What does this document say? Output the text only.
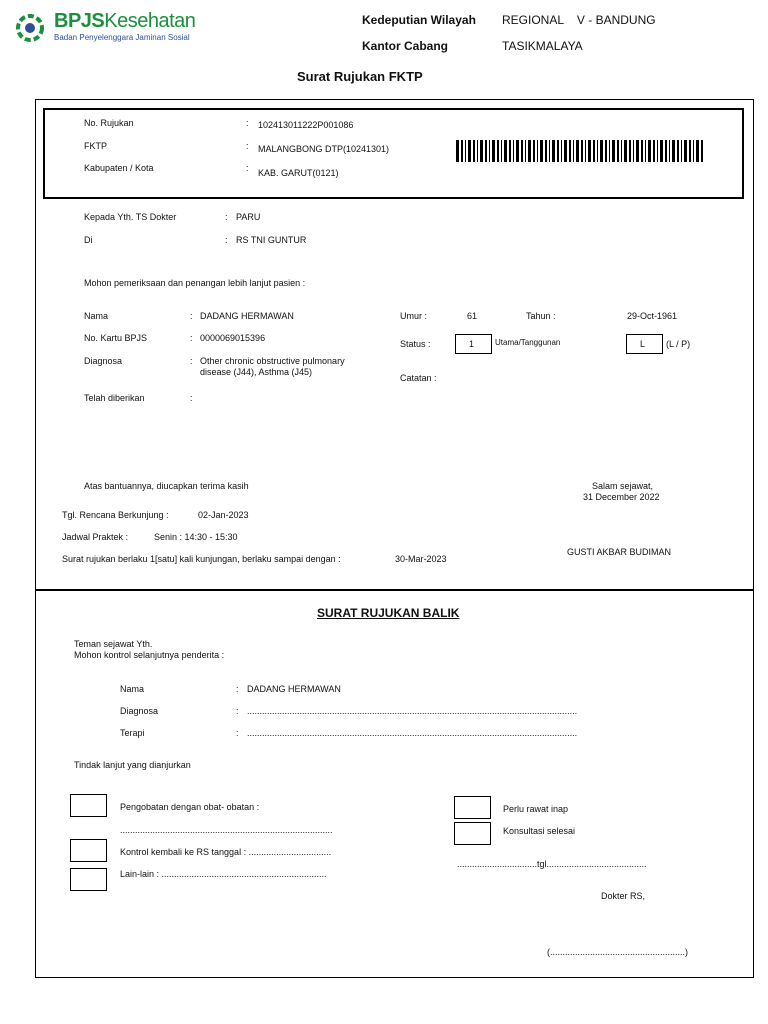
BPJSKesehatan
Badan Penyelenggara Jaminan Sosial
Kedeputian Wilayah REGIONAL    V - BANDUNG
Kantor Cabang	TASIKMALAYA
Surat Rujukan FKTP
No. Rujukan	: 102413011222P001086
FKTP	: MALANGBONG DTP(10241301)
Kabupaten / Kota	: KAB. GARUT(0121)
Kepada Yth. TS Dokter	: PARU
Di	: RS TNI GUNTUR
Mohon pemeriksaan dan penangan lebih lanjut pasien :
Nama	: DADANG HERMAWAN
No. Kartu BPJS	: 0000069015396
Diagnosa	: Other chronic obstructive pulmonary
disease (J44), Asthma (J45)
Telah diberikan	:
Umur :	61	Tahun :	29-Oct-1961
Status :	1	Utama/Tanggunan	L (L / P)
Catatan :
Atas bantuannya, diucapkan terima kasih	Salam sejawat,
31 December 2022
Tgl. Rencana Berkunjung :	02-Jan-2023
Jadwal Praktek :	Senin : 14:30 - 15:30
Surat rujukan berlaku 1[satu] kali kunjungan, berlaku sampai dengan :	30-Mar-2023
GUSTI AKBAR BUDIMAN
SURAT RUJUKAN BALIK
Teman sejawat Yth.
Mohon kontrol selanjutnya penderita :
Nama	: DADANG HERMAWAN
Diagnosa	: ....................................................................................................................................
Terapi	: ....................................................................................................................................
Tindak lanjut yang dianjurkan
Pengobatan dengan obat- obatan :
.....................................................................................
Kontrol kembali ke RS tanggal : .................................
Lain-lain : ..................................................................
Perlu rawat inap
Konsultasi selesai
................................tgl........................................
Dokter RS,
(......................................................)
